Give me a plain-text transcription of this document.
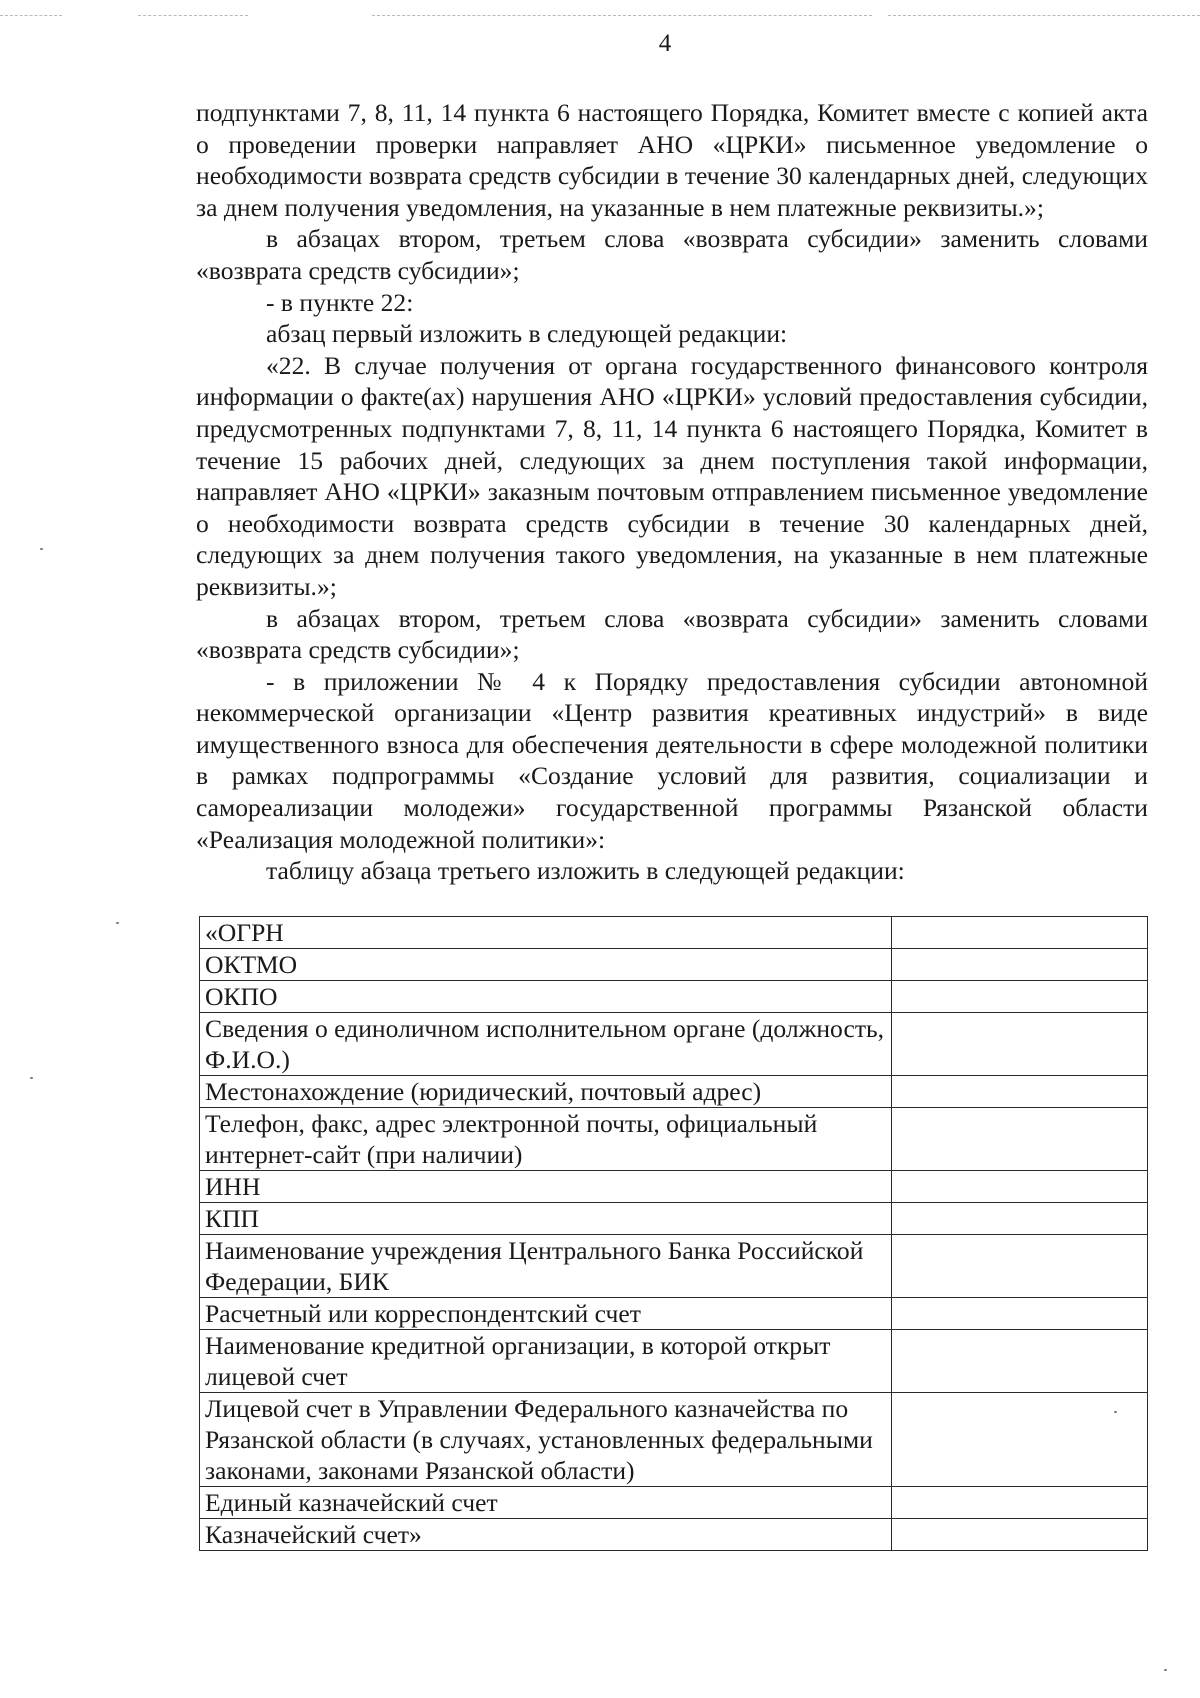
4

подпунктами 7, 8, 11, 14 пункта 6 настоящего Порядка, Комитет вместе с копией акта о проведении проверки направляет АНО «ЦРКИ» письменное уведомление о необходимости возврата средств субсидии в течение 30 календарных дней, следующих за днем получения уведомления, на указанные в нем платежные реквизиты.»;

в абзацах втором, третьем слова «возврата субсидии» заменить словами «возврата средств субсидии»;

- в пункте 22:

абзац первый изложить в следующей редакции:

«22. В случае получения от органа государственного финансового контроля информации о факте(ах) нарушения АНО «ЦРКИ» условий предоставления субсидии, предусмотренных подпунктами 7, 8, 11, 14 пункта 6 настоящего Порядка, Комитет в течение 15 рабочих дней, следующих за днем поступления такой информации, направляет АНО «ЦРКИ» заказным почтовым отправлением письменное уведомление о необходимости возврата средств субсидии в течение 30 календарных дней, следующих за днем получения такого уведомления, на указанные в нем платежные реквизиты.»;

в абзацах втором, третьем слова «возврата субсидии» заменить словами «возврата средств субсидии»;

- в приложении № 4 к Порядку предоставления субсидии автономной некоммерческой организации «Центр развития креативных индустрий» в виде имущественного взноса для обеспечения деятельности в сфере молодежной политики в рамках подпрограммы «Создание условий для развития, социализации и самореализации молодежи» государственной программы Рязанской области «Реализация молодежной политики»:

таблицу абзаца третьего изложить в следующей редакции:

«ОГРН	
ОКТМО	
ОКПО	
Сведения о единоличном исполнительном органе (должность, Ф.И.О.)	
Местонахождение (юридический, почтовый адрес)	
Телефон, факс, адрес электронной почты, официальный интернет-сайт (при наличии)	
ИНН	
КПП	
Наименование учреждения Центрального Банка Российской Федерации, БИК	
Расчетный или корреспондентский счет	
Наименование кредитной организации, в которой открыт лицевой счет	
Лицевой счет в Управлении Федерального казначейства по Рязанской области (в случаях, установленных федеральными законами, законами Рязанской области)	
Единый казначейский счет	
Казначейский счет»	
